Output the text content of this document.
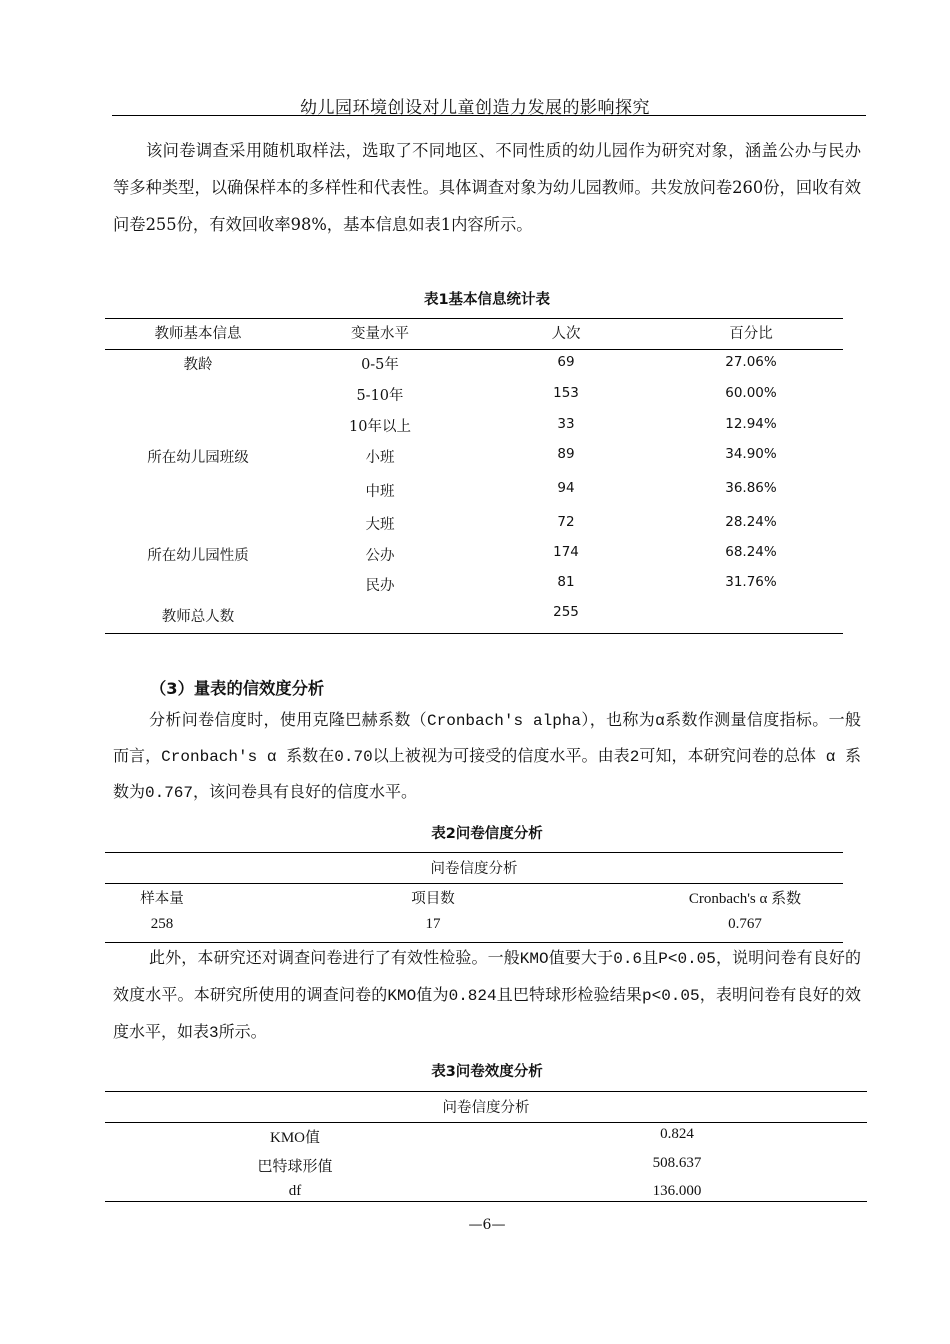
幼儿园环境创设对儿童创造力发展的影响探究
该问卷调查采用随机取样法，选取了不同地区、不同性质的幼儿园作为研究对象，涵盖公办与民办等多种类型，以确保样本的多样性和代表性。具体调查对象为幼儿园教师。共发放问卷260份，回收有效问卷255份，有效回收率98%，基本信息如表1内容所示。
表1基本信息统计表
教师基本信息	变量水平	人次	百分比
教龄	0-5年	69	27.06%
5-10年	153	60.00%
10年以上	33	12.94%
所在幼儿园班级	小班	89	34.90%
中班	94	36.86%
大班	72	28.24%
所在幼儿园性质	公办	174	68.24%
民办	81	31.76%
教师总人数	255
（3）量表的信效度分析
分析问卷信度时，使用克隆巴赫系数（Cronbach's alpha），也称为α系数作测量信度指标。一般而言，Cronbach's α 系数在0.70以上被视为可接受的信度水平。由表2可知，本研究问卷的总体 α 系数为0.767，该问卷具有良好的信度水平。
表2问卷信度分析
问卷信度分析
样本量	项目数	Cronbach's α 系数
258	17	0.767
此外，本研究还对调查问卷进行了有效性检验。一般KMO值要大于0.6且P<0.05，说明问卷有良好的效度水平。本研究所使用的调查问卷的KMO值为0.824且巴特球形检验结果p<0.05，表明问卷有良好的效度水平，如表3所示。
表3问卷效度分析
问卷信度分析
KMO值	0.824
巴特球形值	508.637
df	136.000
—6—
